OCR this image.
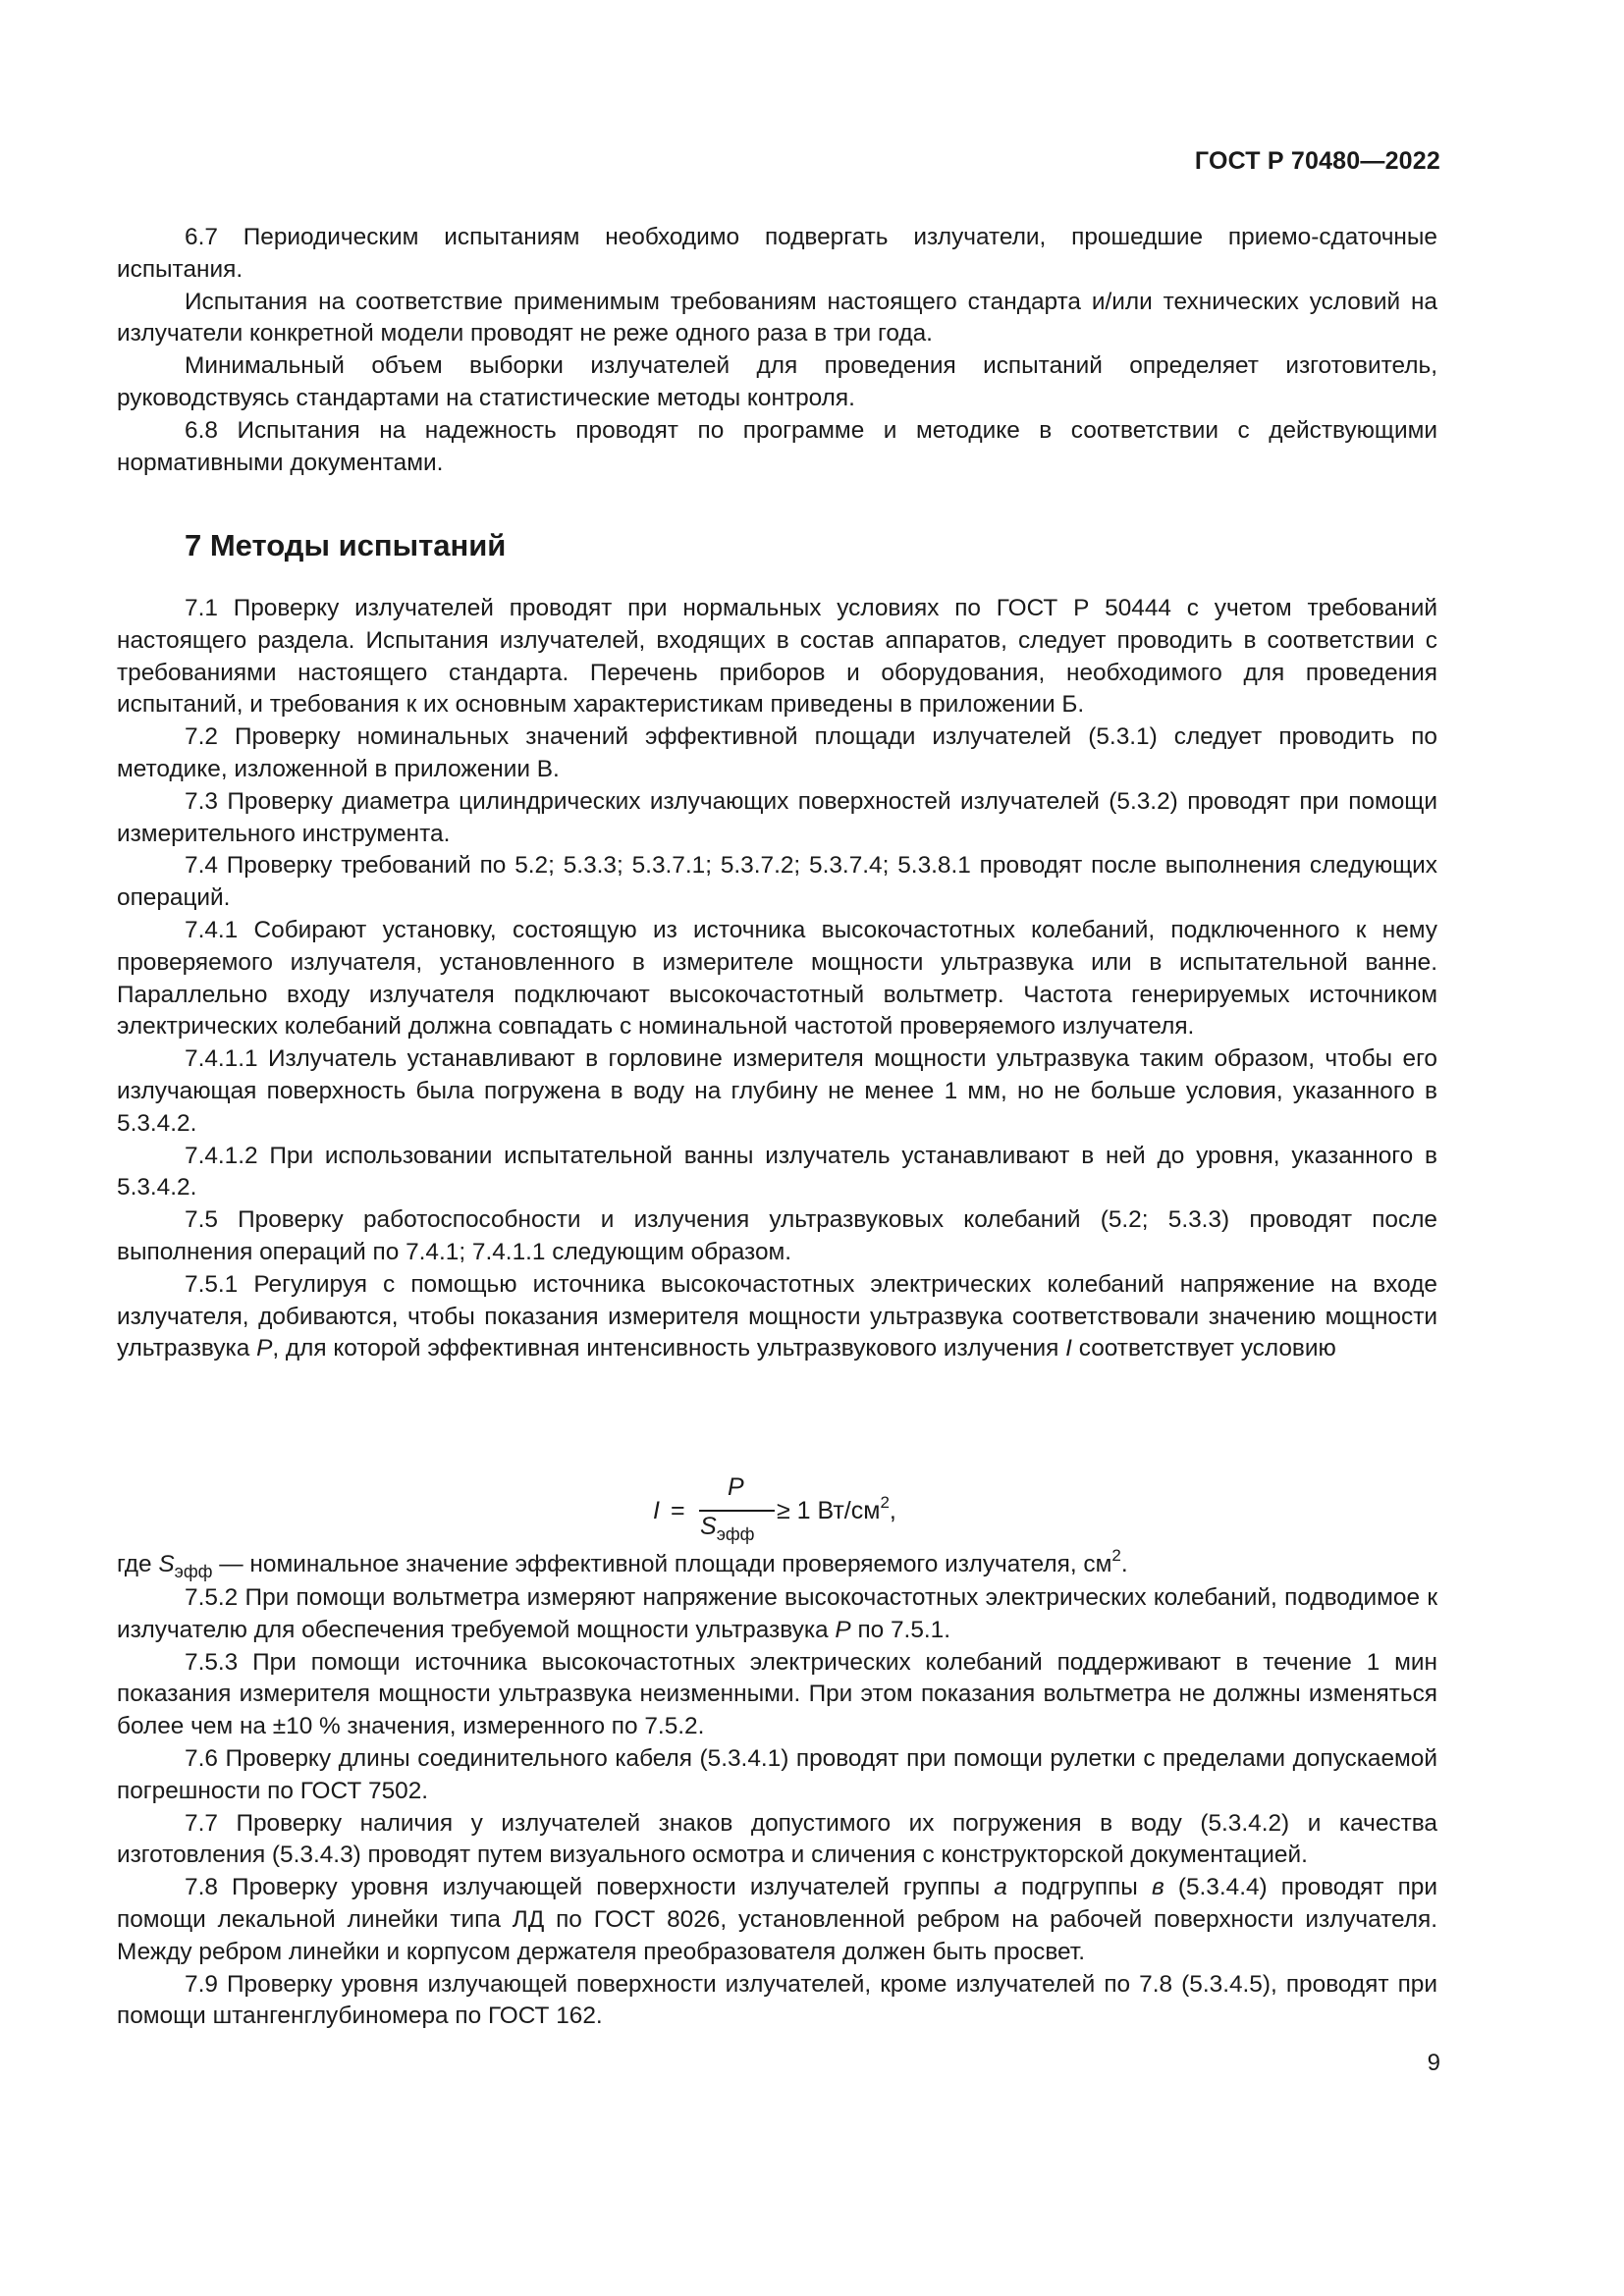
ГОСТ Р 70480—2022

6.7 Периодическим испытаниям необходимо подвергать излучатели, прошедшие приемо-сдаточные испытания.

Испытания на соответствие применимым требованиям настоящего стандарта и/или технических условий на излучатели конкретной модели проводят не реже одного раза в три года.

Минимальный объем выборки излучателей для проведения испытаний определяет изготовитель, руководствуясь стандартами на статистические методы контроля.

6.8 Испытания на надежность проводят по программе и методике в соответствии с действующими нормативными документами.

7 Методы испытаний

7.1 Проверку излучателей проводят при нормальных условиях по ГОСТ Р 50444 с учетом требований настоящего раздела. Испытания излучателей, входящих в состав аппаратов, следует проводить в соответствии с требованиями настоящего стандарта. Перечень приборов и оборудования, необходимого для проведения испытаний, и требования к их основным характеристикам приведены в приложении Б.

7.2 Проверку номинальных значений эффективной площади излучателей (5.3.1) следует проводить по методике, изложенной в приложении В.

7.3 Проверку диаметра цилиндрических излучающих поверхностей излучателей (5.3.2) проводят при помощи измерительного инструмента.

7.4 Проверку требований по 5.2; 5.3.3; 5.3.7.1; 5.3.7.2; 5.3.7.4; 5.3.8.1 проводят после выполнения следующих операций.

7.4.1 Собирают установку, состоящую из источника высокочастотных колебаний, подключенного к нему проверяемого излучателя, установленного в измерителе мощности ультразвука или в испытательной ванне. Параллельно входу излучателя подключают высокочастотный вольтметр. Частота генерируемых источником электрических колебаний должна совпадать с номинальной частотой проверяемого излучателя.

7.4.1.1 Излучатель устанавливают в горловине измерителя мощности ультразвука таким образом, чтобы его излучающая поверхность была погружена в воду на глубину не менее 1 мм, но не больше условия, указанного в 5.3.4.2.

7.4.1.2 При использовании испытательной ванны излучатель устанавливают в ней до уровня, указанного в 5.3.4.2.

7.5 Проверку работоспособности и излучения ультразвуковых колебаний (5.2; 5.3.3) проводят после выполнения операций по 7.4.1; 7.4.1.1 следующим образом.

7.5.1 Регулируя с помощью источника высокочастотных электрических колебаний напряжение на входе излучателя, добиваются, чтобы показания измерителя мощности ультразвука соответствовали значению мощности ультразвука P, для которой эффективная интенсивность ультразвукового излучения I соответствует условию

I =
P
$S_{эфф}$
≥ 1 $Вт/см^2$,

где $S_{эфф}$ — номинальное значение эффективной площади проверяемого излучателя, $см^2$.

7.5.2 При помощи вольтметра измеряют напряжение высокочастотных электрических колебаний, подводимое к излучателю для обеспечения требуемой мощности ультразвука P по 7.5.1.

7.5.3 При помощи источника высокочастотных электрических колебаний поддерживают в течение 1 мин показания измерителя мощности ультразвука неизменными. При этом показания вольтметра не должны изменяться более чем на ±10 % значения, измеренного по 7.5.2.

7.6 Проверку длины соединительного кабеля (5.3.4.1) проводят при помощи рулетки с пределами допускаемой погрешности по ГОСТ 7502.

7.7 Проверку наличия у излучателей знаков допустимого их погружения в воду (5.3.4.2) и качества изготовления (5.3.4.3) проводят путем визуального осмотра и сличения с конструкторской документацией.

7.8 Проверку уровня излучающей поверхности излучателей группы а подгруппы в (5.3.4.4) проводят при помощи лекальной линейки типа ЛД по ГОСТ 8026, установленной ребром на рабочей поверхности излучателя. Между ребром линейки и корпусом держателя преобразователя должен быть просвет.

7.9 Проверку уровня излучающей поверхности излучателей, кроме излучателей по 7.8 (5.3.4.5), проводят при помощи штангенглубиномера по ГОСТ 162.

9
